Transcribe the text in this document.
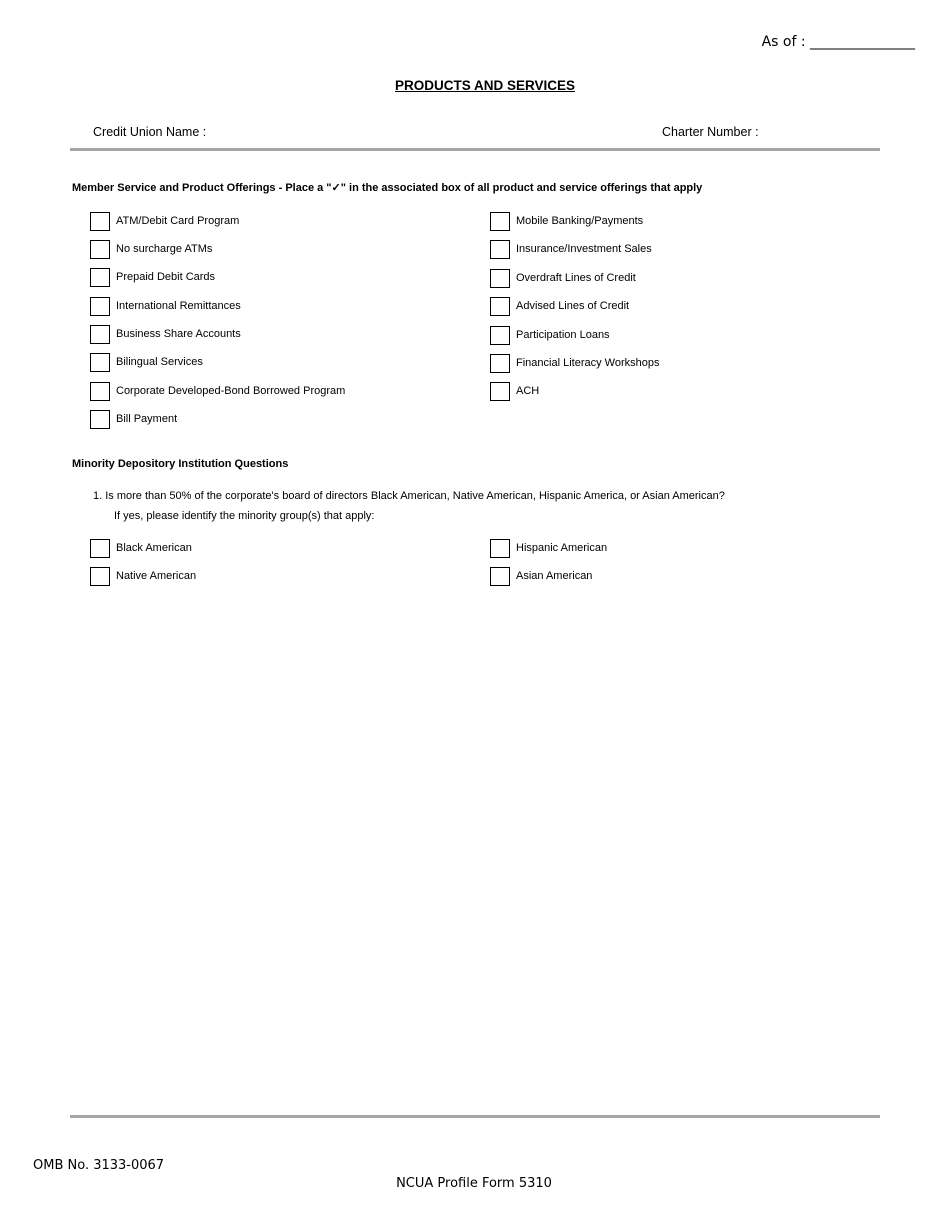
As of : _______________
PRODUCTS AND SERVICES
Credit Union Name :	Charter Number :
Member Service and Product Offerings - Place a "✓" in the associated box of all product and service offerings that apply
ATM/Debit Card Program
No surcharge ATMs
Prepaid Debit Cards
International Remittances
Business Share Accounts
Bilingual Services
Corporate Developed-Bond Borrowed Program
Bill Payment
Mobile Banking/Payments
Insurance/Investment Sales
Overdraft Lines of Credit
Advised Lines of Credit
Participation Loans
Financial Literacy Workshops
ACH
Minority Depository Institution Questions
1. Is more than 50% of the corporate's board of directors Black American, Native American, Hispanic America, or Asian American?
If yes, please identify the minority group(s) that apply:
Black American
Native American
Hispanic American
Asian American
OMB No. 3133-0067
NCUA Profile Form 5310
